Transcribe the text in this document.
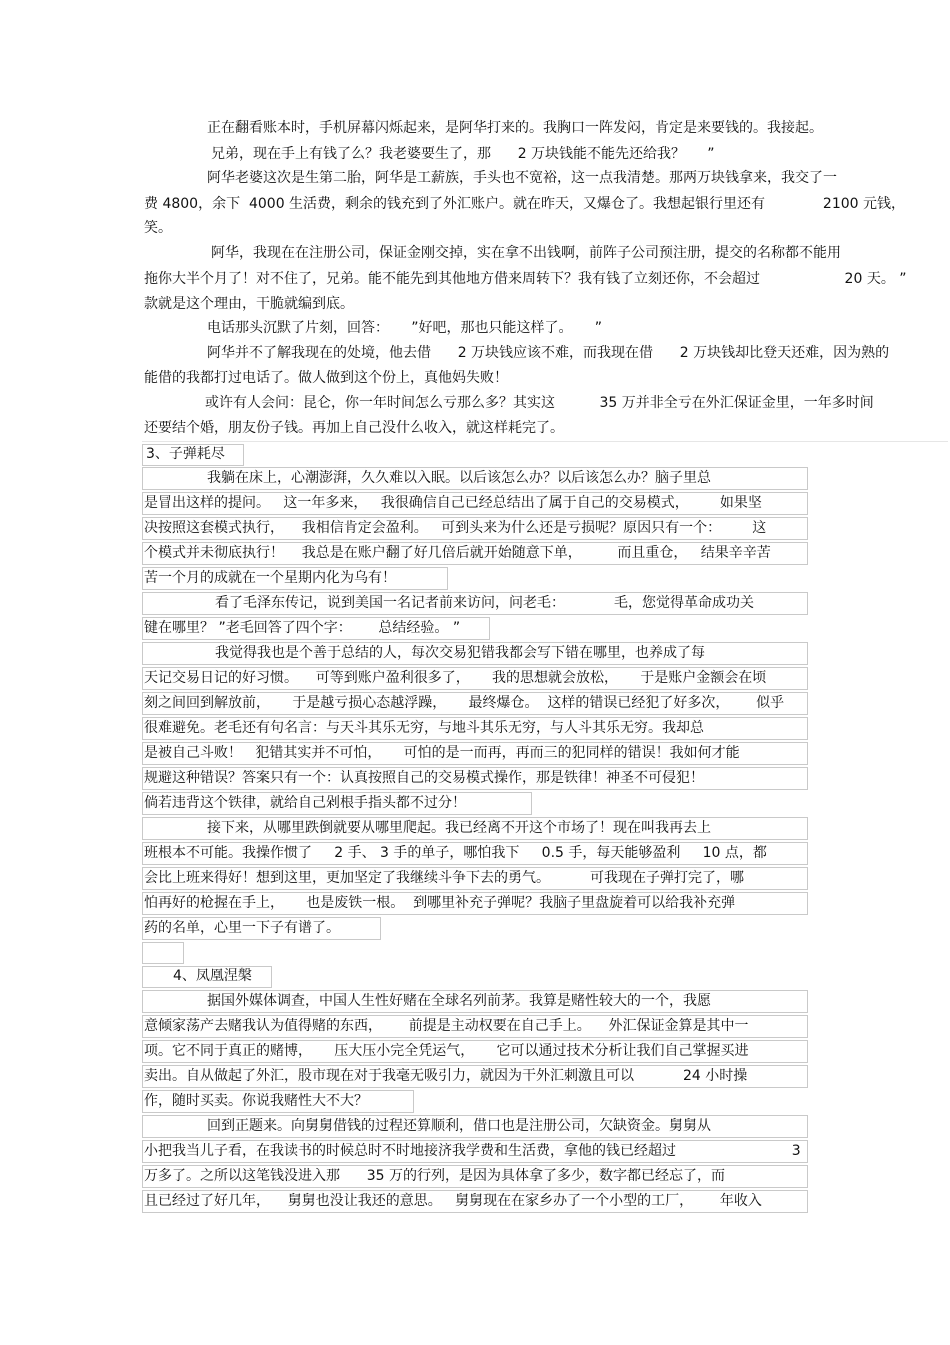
正在翻看账本时，手机屏幕闪烁起来，是阿华打来的。我胸口一阵发闷，肯定是来要钱的。我接起。
兄弟，现在手上有钱了么？我老婆要生了，那      2 万块钱能不能先还给我？     ”
阿华老婆这次是生第二胎，阿华是工薪族，手头也不宽裕，这一点我清楚。那两万块钱拿来，我交了一
费 4800，余下  4000 生活费，剩余的钱充到了外汇账户。就在昨天，又爆仓了。我想起银行里还有             2100 元钱，
笑。
阿华，我现在在注册公司，保证金刚交掉，实在拿不出钱啊，前阵子公司预注册，提交的名称都不能用
拖你大半个月了！对不住了，兄弟。能不能先到其他地方借来周转下？我有钱了立刻还你，不会超过                   20 天。 ”
款就是这个理由，干脆就编到底。
电话那头沉默了片刻，回答：     ”好吧，那也只能这样了。     ”
阿华并不了解我现在的处境，他去借      2 万块钱应该不难，而我现在借      2 万块钱却比登天还难，因为熟的
能借的我都打过电话了。做人做到这个份上，真他妈失败！
或许有人会问：昆仑，你一年时间怎么亏那么多？其实这          35 万并非全亏在外汇保证金里，一年多时间
还要结个婚，朋友份子钱。再加上自己没什么收入，就这样耗完了。
3、子弹耗尽
我躺在床上，心潮澎湃，久久难以入眠。以后该怎么办？以后该怎么办？脑子里总
是冒出这样的提问。   这一年多来，   我很确信自己已经总结出了属于自己的交易模式，       如果坚
决按照这套模式执行，    我相信肯定会盈利。   可到头来为什么还是亏损呢？原因只有一个：       这
个模式并未彻底执行！    我总是在账户翻了好几倍后就开始随意下单，        而且重仓，   结果辛辛苦
苦一个月的成就在一个星期内化为乌有！
看了毛泽东传记，说到美国一名记者前来访问，问老毛：           毛，您觉得革命成功关
键在哪里？ ”老毛回答了四个字：      总结经验。 ”
我觉得我也是个善于总结的人，每次交易犯错我都会写下错在哪里，也养成了每
天记交易日记的好习惯。    可等到账户盈利很多了，     我的思想就会放松，     于是账户金额会在顷
刻之间回到解放前，     于是越亏损心态越浮躁，     最终爆仓。  这样的错误已经犯了好多次，      似乎
很难避免。老毛还有句名言：与天斗其乐无穷，与地斗其乐无穷，与人斗其乐无穷。我却总
是被自己斗败！   犯错其实并不可怕，     可怕的是一而再，再而三的犯同样的错误！我如何才能
规避这种错误？答案只有一个：认真按照自己的交易模式操作，那是铁律！神圣不可侵犯！
倘若违背这个铁律，就给自己剁根手指头都不过分！
接下来，从哪里跌倒就要从哪里爬起。我已经离不开这个市场了！现在叫我再去上
班根本不可能。我操作惯了     2 手、 3 手的单子，哪怕我下     0.5 手，每天能够盈利     10 点，都
会比上班来得好！想到这里，更加坚定了我继续斗争下去的勇气。         可我现在子弹打完了，哪
怕再好的枪握在手上，     也是废铁一根。  到哪里补充子弹呢？我脑子里盘旋着可以给我补充弹
药的名单，心里一下子有谱了。
4、凤凰涅槃
据国外媒体调查，中国人生性好赌在全球名列前茅。我算是赌性较大的一个，我愿
意倾家荡产去赌我认为值得赌的东西，      前提是主动权要在自己手上。    外汇保证金算是其中一
项。它不同于真正的赌博，     压大压小完全凭运气，     它可以通过技术分析让我们自己掌握买进
卖出。自从做起了外汇，股市现在对于我毫无吸引力，就因为干外汇刺激且可以           24 小时操
作，随时买卖。你说我赌性大不大？
回到正题来。向舅舅借钱的过程还算顺利，借口也是注册公司，欠缺资金。舅舅从
小把我当儿子看，在我读书的时候总时不时地接济我学费和生活费，拿他的钱已经超过                          3
万多了。之所以这笔钱没进入那      35 万的行列，是因为具体拿了多少，数字都已经忘了，而
且已经过了好几年，    舅舅也没让我还的意思。   舅舅现在在家乡办了一个小型的工厂，      年收入
